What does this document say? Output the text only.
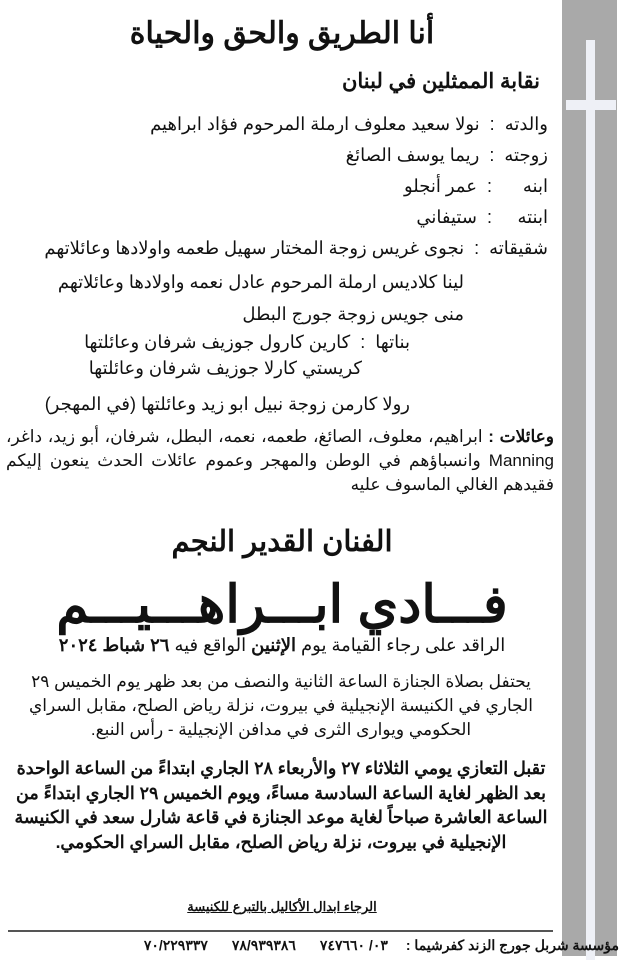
أنا الطريق والحق والحياة
نقابة الممثلين في لبنان
والدته  :  نولا سعيد معلوف ارملة المرحوم فؤاد ابراهيم
زوجته  :  ريما يوسف الصائغ
ابنه  :  عمر أنجلو
ابنته  :  ستيفاني
شقيقاته  :  نجوى غريس زوجة المختار سهيل طعمه واولادها وعائلاتهم
لينا كلاديس ارملة المرحوم عادل نعمه واولادها وعائلاتهم
منى جويس زوجة جورج البطل
بناتها  :  كارين كارول جوزيف شرفان وعائلتها
كريستي كارلا جوزيف شرفان وعائلتها
رولا كارمن زوجة نبيل ابو زيد وعائلتها (في المهجر)
وعائلات : ابراهيم، معلوف، الصائغ، طعمه، نعمه، البطل، شرفان، أبو زيد، داغر، Manning وانسباؤهم في الوطن والمهجر وعموم عائلات الحدث ينعون إليكم فقيدهم الغالي الماسوف عليه
الفنان القدير النجم
فـــادي ابـــراهـــيـــم
الراقد على رجاء القيامة يوم الإثنين الواقع فيه ٢٦ شباط ٢٠٢٤
يحتفل بصلاة الجنازة الساعة الثانية والنصف من بعد ظهر يوم الخميس ٢٩ الجاري في الكنيسة الإنجيلية في بيروت، نزلة رياض الصلح، مقابل السراي الحكومي ويوارى الثرى في مدافن الإنجيلية - رأس النبع.
تقبل التعازي يومي الثلاثاء ٢٧ والأربعاء ٢٨ الجاري ابتداءً من الساعة الواحدة بعد الظهر لغاية الساعة السادسة مساءً، ويوم الخميس ٢٩ الجاري ابتداءً من الساعة العاشرة صباحاً لغاية موعد الجنازة في قاعة شارل سعد في الكنيسة الإنجيلية في بيروت، نزلة رياض الصلح، مقابل السراي الحكومي.
الرجاء ابدال الأكاليل بالتبرع للكنيسة
مؤسسة شربل جورج الزند كفرشيما :
٧٠/٢٢٩٣٣٧ ٧٨/٩٣٩٣٨٦ ٠٣/ ٧٤٧٦٦٠
